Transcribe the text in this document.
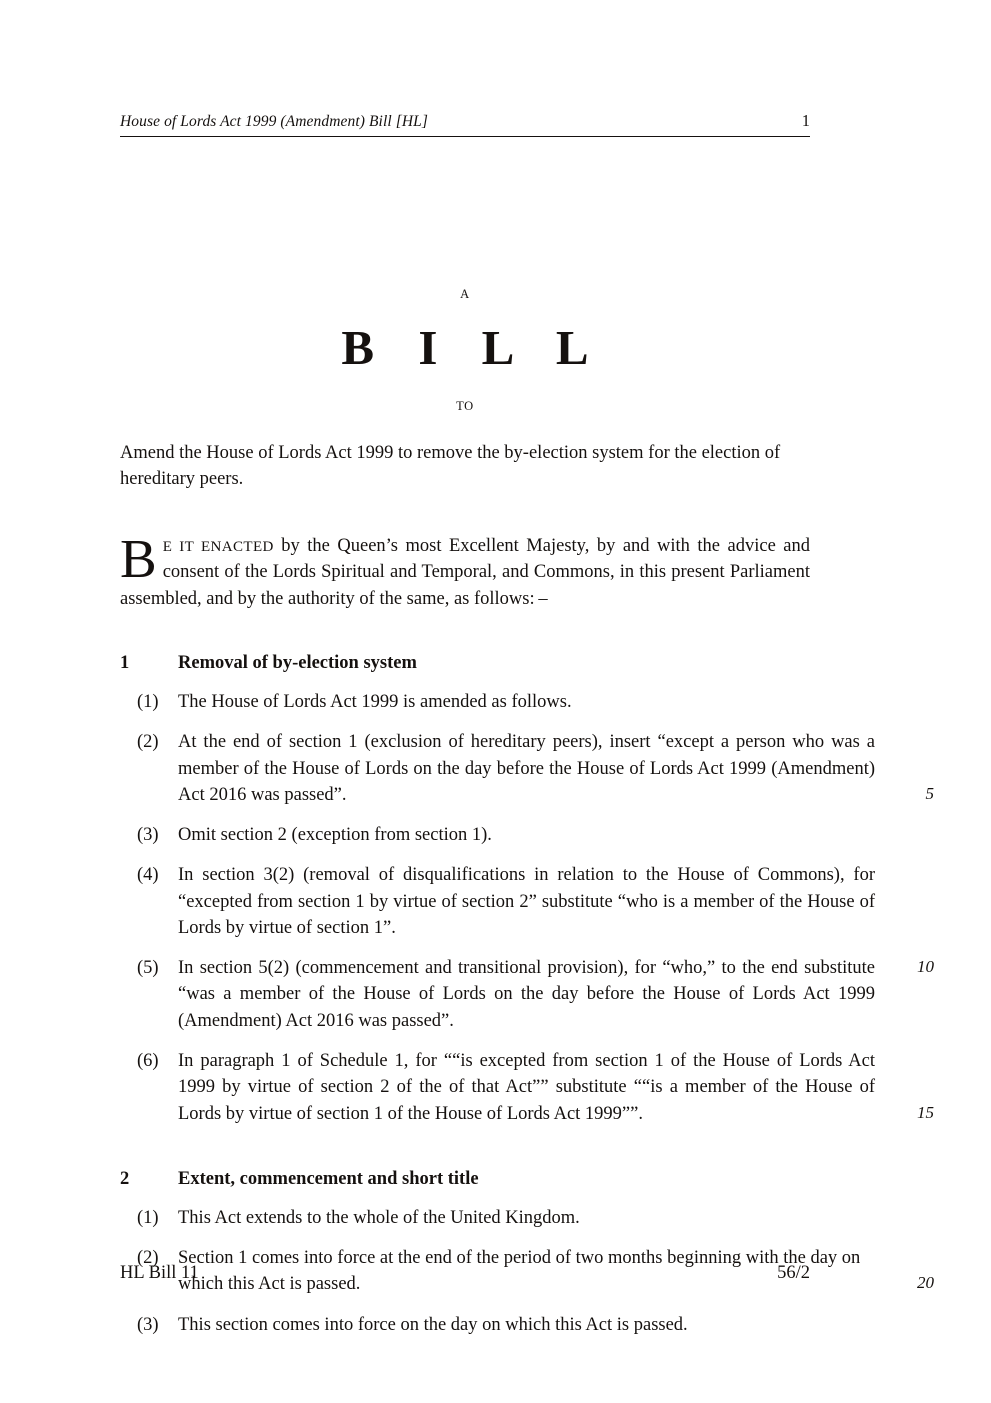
House of Lords Act 1999 (Amendment) Bill [HL]	1
A
B I L L
TO
Amend the House of Lords Act 1999 to remove the by-election system for the election of hereditary peers.
B E IT ENACTED by the Queen’s most Excellent Majesty, by and with the advice and consent of the Lords Spiritual and Temporal, and Commons, in this present Parliament assembled, and by the authority of the same, as follows: –
1	Removal of by-election system
(1)	The House of Lords Act 1999 is amended as follows.

(2)	At the end of section 1 (exclusion of hereditary peers), insert “except a person who was a member of the House of Lords on the day before the House of Lords Act 1999 (Amendment) Act 2016 was passed”.	5
(3)	Omit section 2 (exception from section 1).

(4)	In section 3(2) (removal of disqualifications in relation to the House of Commons), for “excepted from section 1 by virtue of section 2” substitute “who is a member of the House of Lords by virtue of section 1”.

(5)	In section 5(2) (commencement and transitional provision), for “who,” to the end substitute “was a member of the House of Lords on the day before the House of Lords Act 1999 (Amendment) Act 2016 was passed”.

10
(6)	In paragraph 1 of Schedule 1, for ““is excepted from section 1 of the House of Lords Act 1999 by virtue of section 2 of the of that Act”” substitute ““is a member of the House of Lords by virtue of section 1 of the House of Lords Act 1999””.	15
2	Extent, commencement and short title
(1)	This Act extends to the whole of the United Kingdom.

(2)	Section 1 comes into force at the end of the period of two months beginning with the day on which this Act is passed.	20
(3)	This section comes into force on the day on which this Act is passed.

HL Bill 11	56/2
